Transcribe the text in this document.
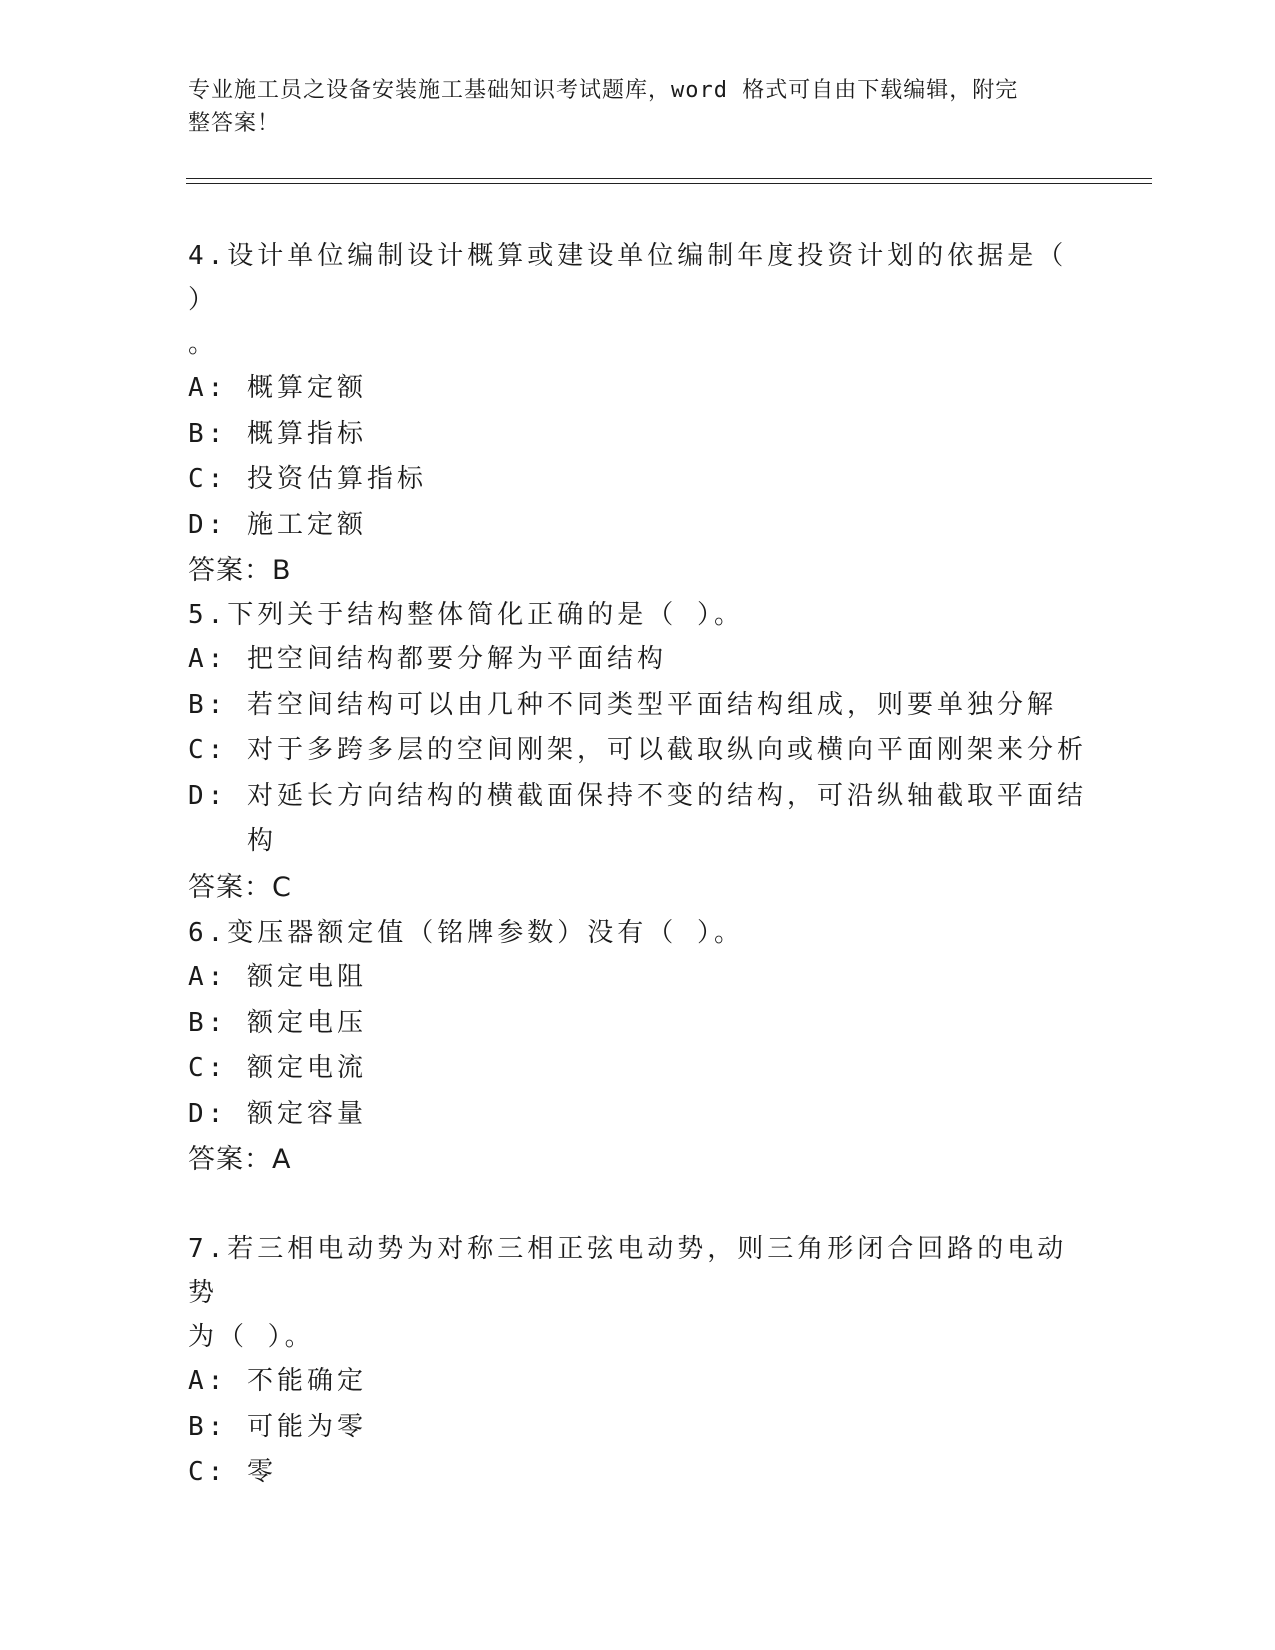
专业施工员之设备安装施工基础知识考试题库，word 格式可自由下载编辑，附完
整答案！

4.设计单位编制设计概算或建设单位编制年度投资计划的依据是（ ）

。

A: 概算定额

B: 概算指标

C: 投资估算指标

D: 施工定额

答案：B

5.下列关于结构整体简化正确的是（ ）。

A: 把空间结构都要分解为平面结构

B: 若空间结构可以由几种不同类型平面结构组成，则要单独分解

C: 对于多跨多层的空间刚架，可以截取纵向或横向平面刚架来分析

D: 对延长方向结构的横截面保持不变的结构，可沿纵轴截取平面结构

答案：C

6.变压器额定值（铭牌参数）没有（ ）。

A: 额定电阻

B: 额定电压

C: 额定电流

D: 额定容量

答案：A

7.若三相电动势为对称三相正弦电动势，则三角形闭合回路的电动势

为（ ）。

A: 不能确定

B: 可能为零

C: 零
